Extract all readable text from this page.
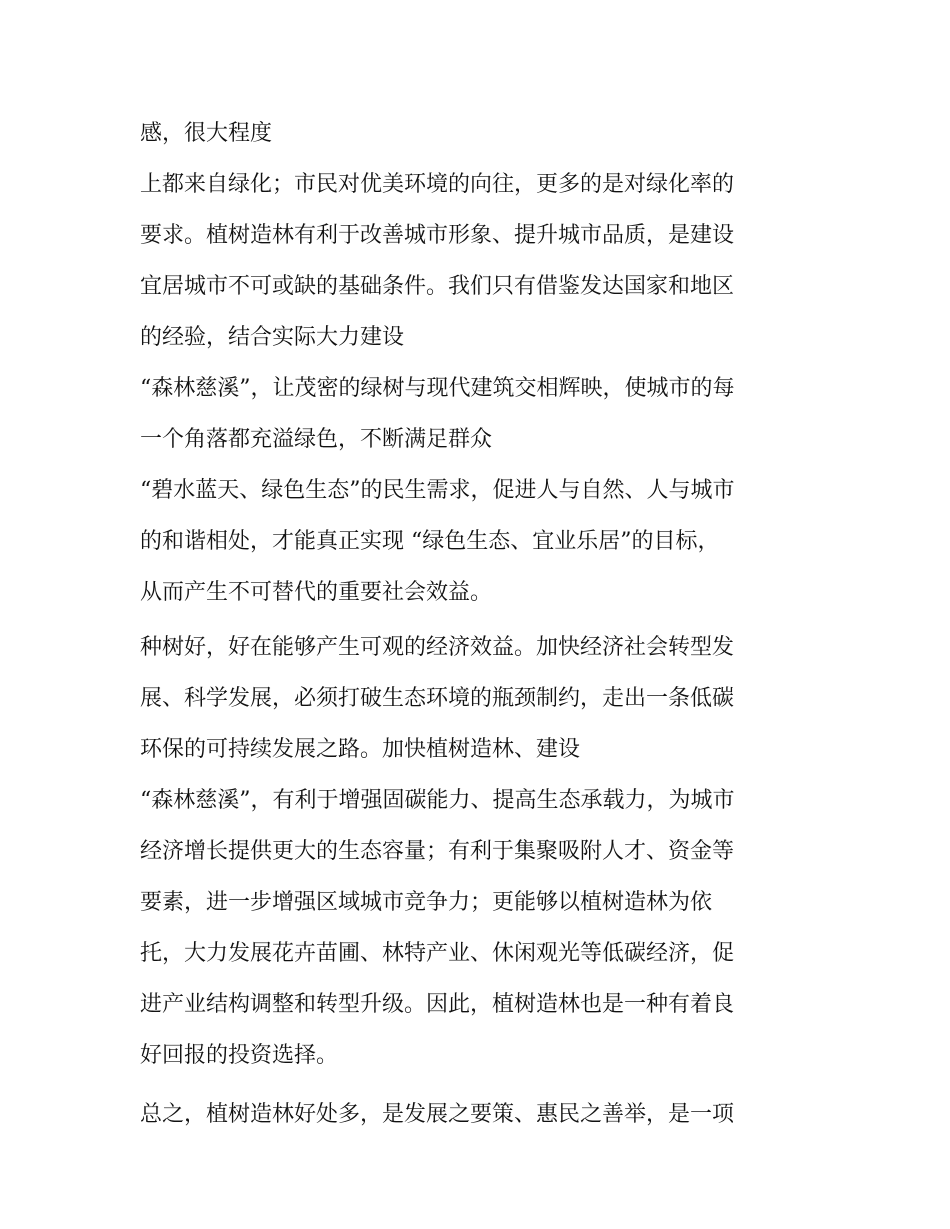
感，很大程度
上都来自绿化；市民对优美环境的向往，更多的是对绿化率的
要求。植树造林有利于改善城市形象、提升城市品质，是建设
宜居城市不可或缺的基础条件。我们只有借鉴发达国家和地区
的经验，结合实际大力建设
“森林慈溪”，让茂密的绿树与现代建筑交相辉映，使城市的每
一个角落都充溢绿色，不断满足群众
“碧水蓝天、绿色生态”的民生需求，促进人与自然、人与城市
的和谐相处，才能真正实现 “绿色生态、宜业乐居”的目标，
从而产生不可替代的重要社会效益。
种树好，好在能够产生可观的经济效益。加快经济社会转型发
展、科学发展，必须打破生态环境的瓶颈制约，走出一条低碳
环保的可持续发展之路。加快植树造林、建设
“森林慈溪”，有利于增强固碳能力、提高生态承载力，为城市
经济增长提供更大的生态容量；有利于集聚吸附人才、资金等
要素，进一步增强区域城市竞争力；更能够以植树造林为依
托，大力发展花卉苗圃、林特产业、休闲观光等低碳经济，促
进产业结构调整和转型升级。因此，植树造林也是一种有着良
好回报的投资选择。
总之，植树造林好处多，是发展之要策、惠民之善举，是一项
